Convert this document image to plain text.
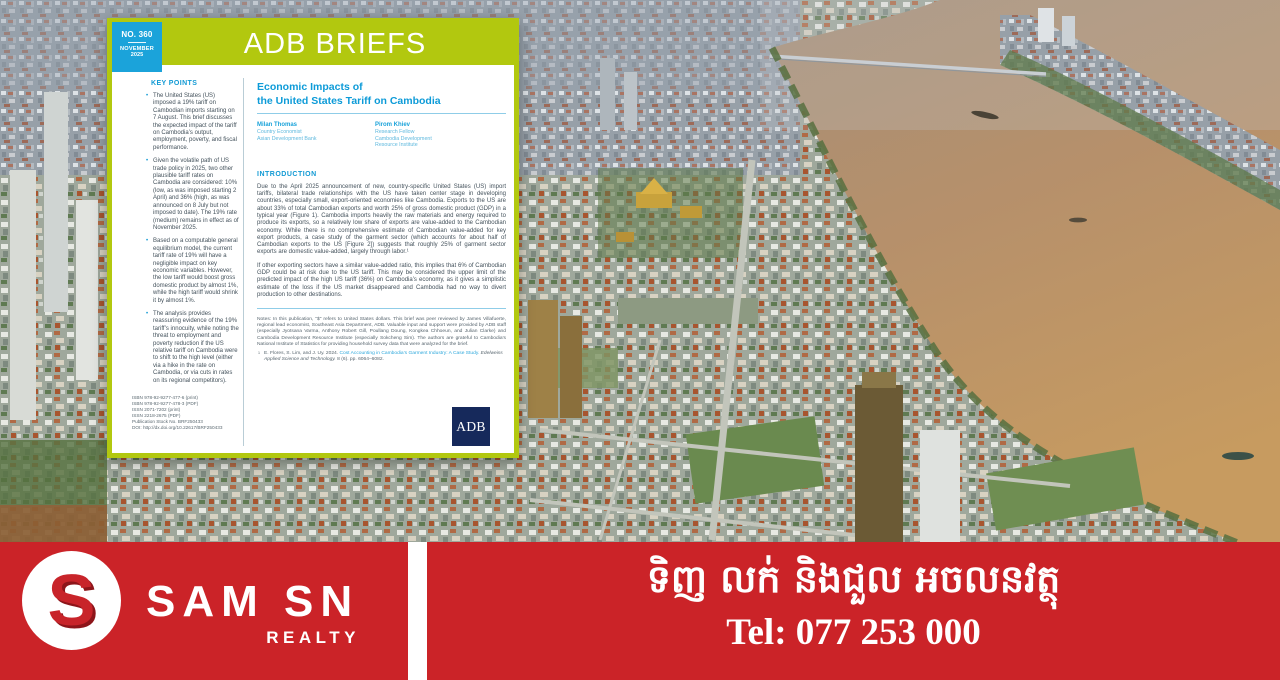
ADB BRIEFS
NO. 360
NOVEMBER
2025
KEY POINTS
• The United States (US) imposed a 19% tariff on Cambodian imports starting on 7 August. This brief discusses the expected impact of the tariff on Cambodia’s output, employment, poverty, and fiscal performance.
• Given the volatile path of US trade policy in 2025, two other plausible tariff rates on Cambodia are considered: 10% (low, as was imposed starting 2 April) and 36% (high, as was announced on 8 July but not imposed to date). The 19% rate (medium) remains in effect as of November 2025.
• Based on a computable general equilibrium model, the current tariff rate of 19% will have a negligible impact on key economic variables. However, the low tariff would boost gross domestic product by almost 1%, while the high tariff would shrink it by almost 1%.
• The analysis provides reassuring evidence of the 19% tariff’s innocuity, while noting the threat to employment and poverty reduction if the US relative tariff on Cambodia were to shift to the high level (either via a hike in the rate on Cambodia, or via cuts in rates on its regional competitors).
ISBN 978-92-9277-477-6 (print)
ISBN 978-92-9277-478-3 (PDF)
ISSN 2071-7202 (print)
ISSN 2218-2675 (PDF)
Publication Stock No. BRF250433
DOI: http://dx.doi.org/10.22617/BRF250433
Economic Impacts of
the United States Tariff on Cambodia
Milan Thomas
Country Economist
Asian Development Bank
Pirom Khiev
Research Fellow
Cambodia Development Resource Institute
INTRODUCTION

Due to the April 2025 announcement of new, country-specific United States (US) import tariffs, bilateral trade relationships with the US have taken center stage in developing countries, especially small, export-oriented economies like Cambodia. Exports to the US are about 33% of total Cambodian exports and worth 25% of gross domestic product (GDP) in a typical year (Figure 1). Cambodia imports heavily the raw materials and energy required to produce its exports, so a relatively low share of exports are value-added to the Cambodian economy. While there is no comprehensive estimate of Cambodian value-added for key export products, a case study of the garment sector (which accounts for about half of Cambodian exports to the US [Figure 2]) suggests that roughly 25% of garment sector exports are domestic value-added, largely through labor.¹

If other exporting sectors have a similar value-added ratio, this implies that 6% of Cambodian GDP could be at risk due to the US tariff. This may be considered the upper limit of the predicted impact of the high US tariff (36%) on Cambodia’s economy, as it gives a simplistic estimate of the loss if the US market disappeared and Cambodia had no way to divert production to other destinations.

Notes: In this publication, "$" refers to United States dollars. This brief was peer reviewed by James Villafuerte, regional lead economist, Southeast Asia Department, ADB. Valuable input and support were provided by ADB staff (especially Jyotsana Varma, Anthony Robert Gill, Poullang Doung, Kongkea Chhoeun, and Julian Clarke) and Cambodia Development Resource Institute (especially Sokcheng Sim). The authors are grateful to Cambodia’s National Institute of Statistics for providing household survey data that were analyzed for the brief.
1 E. Flores, S. Lim, and J. Uy. 2024. Cost Accounting in Cambodia’s Garment Industry: A Case Study. Edelweiss Applied Science and Technology. 8 (6). pp. 6064–6082.
ADB
S SAM SN
REALTY
ទិញ លក់ និងជួល អចលនវត្ថុ
Tel: 077 253 000
